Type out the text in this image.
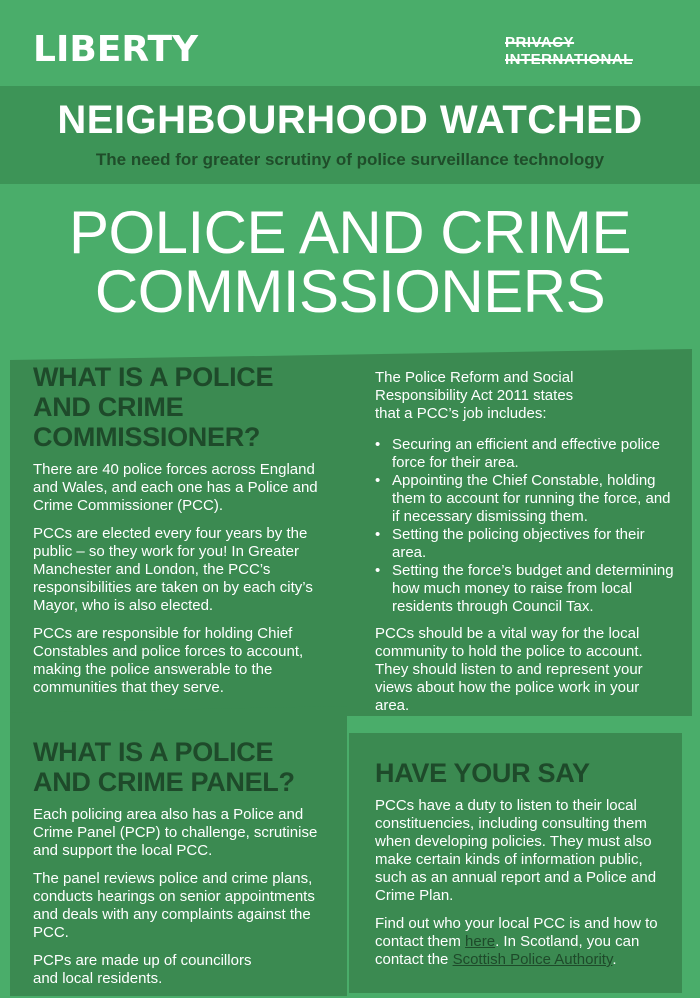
LIBERTY	PRIVACY
INTERNATIONAL
NEIGHBOURHOOD WATCHED
The need for greater scrutiny of police surveillance technology
POLICE AND CRIME
COMMISSIONERS
WHAT IS A POLICE
AND CRIME
COMMISSIONER?

There are 40 police forces across England and Wales, and each one has a Police and Crime Commissioner (PCC).

PCCs are elected every four years by the public – so they work for you! In Greater Manchester and London, the PCC’s responsibilities are taken on by each city’s Mayor, who is also elected.

PCCs are responsible for holding Chief Constables and police forces to account, making the police answerable to the communities that they serve.

The Police Reform and Social Responsibility Act 2011 states that a PCC’s job includes:

• Securing an efficient and effective police force for their area.
• Appointing the Chief Constable, holding them to account for running the force, and if necessary dismissing them.
• Setting the policing objectives for their area.
• Setting the force’s budget and determining how much money to raise from local residents through Council Tax.

PCCs should be a vital way for the local community to hold the police to account. They should listen to and represent your views about how the police work in your area.

WHAT IS A POLICE
AND CRIME PANEL?

Each policing area also has a Police and Crime Panel (PCP) to challenge, scrutinise and support the local PCC.

The panel reviews police and crime plans, conducts hearings on senior appointments and deals with any complaints against the PCC.

PCPs are made up of councillors and local residents.

HAVE YOUR SAY

PCCs have a duty to listen to their local constituencies, including consulting them when developing policies. They must also make certain kinds of information public, such as an annual report and a Police and Crime Plan.

Find out who your local PCC is and how to contact them here. In Scotland, you can contact the Scottish Police Authority.
